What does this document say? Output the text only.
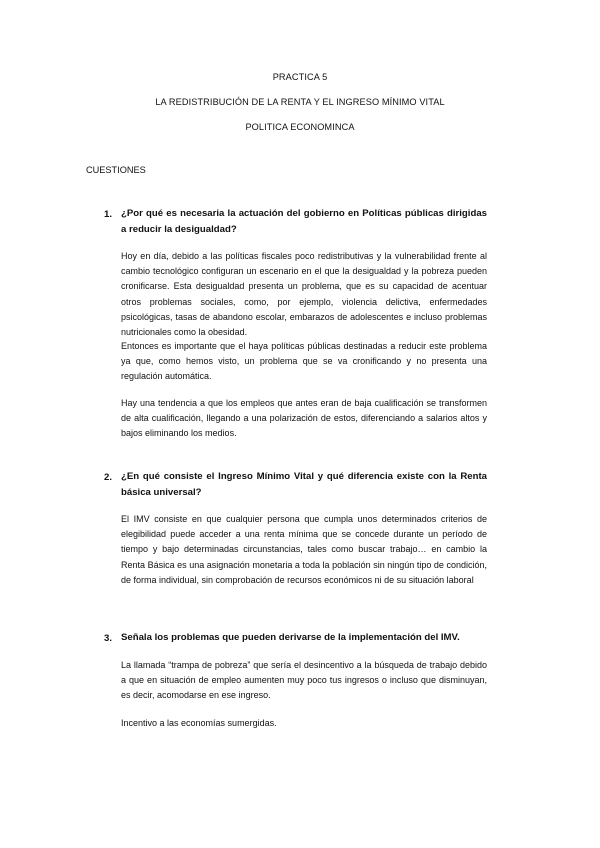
PRACTICA 5
LA REDISTRIBUCIÓN DE LA RENTA Y EL INGRESO MÍNIMO VITAL
POLITICA ECONOMINCA
CUESTIONES
1. ¿Por qué es necesaria la actuación del gobierno en Políticas públicas dirigidas a reducir la desigualdad?

Hoy en día, debido a las políticas fiscales poco redistributivas y la vulnerabilidad frente al cambio tecnológico configuran un escenario en el que la desigualdad y la pobreza pueden cronificarse. Esta desigualdad presenta un problema, que es su capacidad de acentuar otros problemas sociales, como, por ejemplo, violencia delictiva, enfermedades psicológicas, tasas de abandono escolar, embarazos de adolescentes e incluso problemas nutricionales como la obesidad.

Entonces es importante que el haya políticas públicas destinadas a reducir este problema ya que, como hemos visto, un problema que se va cronificando y no presenta una regulación automática.

Hay una tendencia a que los empleos que antes eran de baja cualificación se transformen de alta cualificación, llegando a una polarización de estos, diferenciando a salarios altos y bajos eliminando los medios.

2. ¿En qué consiste el Ingreso Mínimo Vital y qué diferencia existe con la Renta básica universal?

El IMV consiste en que cualquier persona que cumpla unos determinados criterios de elegibilidad puede acceder a una renta mínima que se concede durante un período de tiempo y bajo determinadas circunstancias, tales como buscar trabajo… en cambio la Renta Básica es una asignación monetaria a toda la población sin ningún tipo de condición, de forma individual, sin comprobación de recursos económicos ni de su situación laboral

3. Señala los problemas que pueden derivarse de la implementación del IMV.

La llamada “trampa de pobreza” que sería el desincentivo a la búsqueda de trabajo debido a que en situación de empleo aumenten muy poco tus ingresos o incluso que disminuyan, es decir, acomodarse en ese ingreso.

Incentivo a las economías sumergidas.
